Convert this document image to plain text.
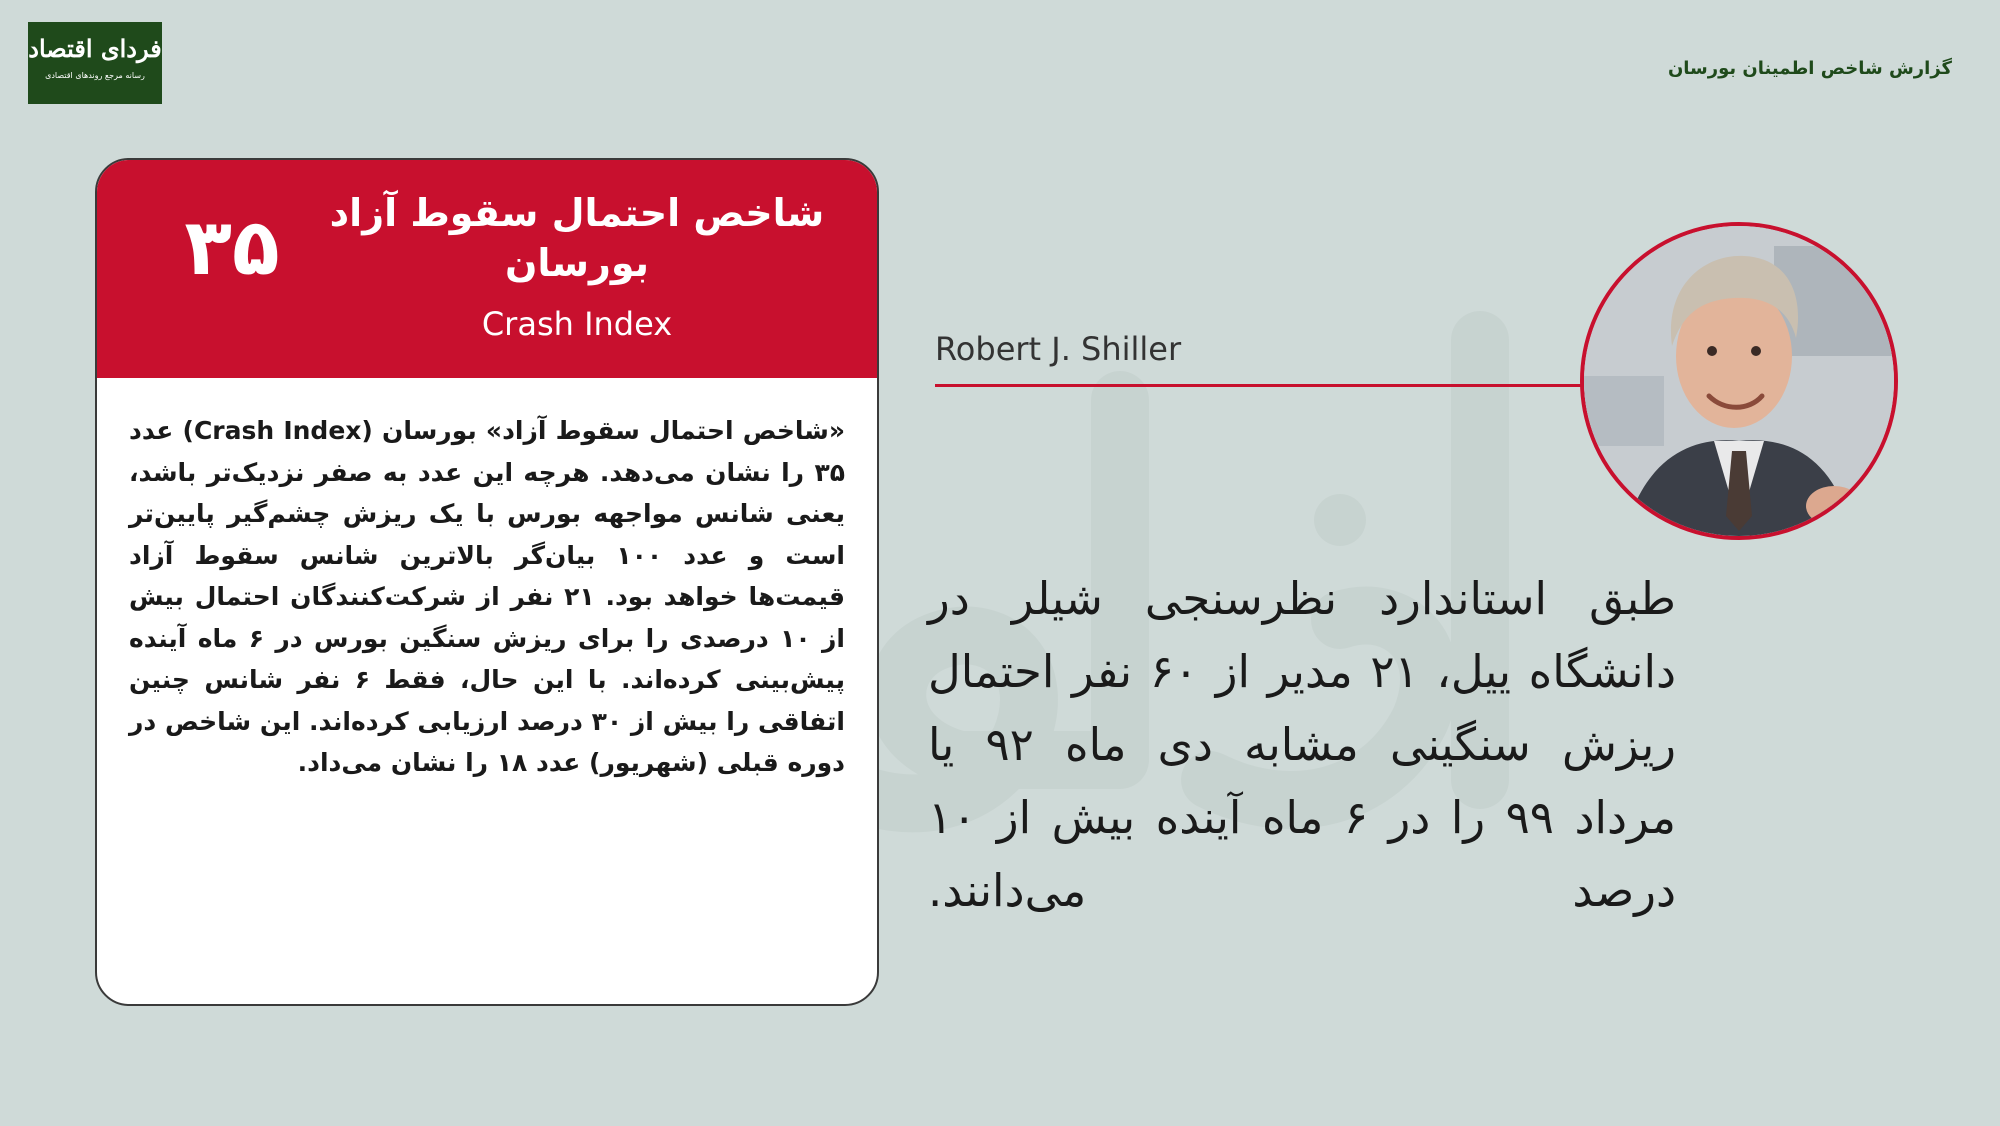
فردای اقتصاد
رسانه مرجع روندهای اقتصادی	گزارش شاخص اطمینان بورسان
۳۵	شاخص احتمال سقوط آزاد بورسان
Crash Index
«شاخص احتمال سقوط آزاد» بورسان (Crash Index) عدد ۳۵ را نشان می‌دهد. هرچه این عدد به صفر نزدیک‌تر باشد، یعنی شانس مواجهه بورس با یک ریزش چشم‌گیر پایین‌تر است و عدد ۱۰۰ بیان‌گر بالاترین شانس سقوط آزاد قیمت‌ها خواهد بود. ۲۱ نفر از شرکت‌کنندگان احتمال بیش از ۱۰ درصدی را برای ریزش سنگین بورس در ۶ ماه آینده پیش‌بینی کرده‌اند. با این حال، فقط ۶ نفر شانس چنین اتفاقی را بیش از ۳۰ درصد ارزیابی کرده‌اند. این شاخص در دوره قبلی (شهریور) عدد ۱۸ را نشان می‌داد.
Robert J. Shiller
طبق استاندارد نظرسنجی شیلر در دانشگاه ییل، ۲۱ مدیر از ۶۰ نفر احتمال ریزش سنگینی مشابه دی ماه ۹۲ یا مرداد ۹۹ را در ۶ ماه آینده بیش از ۱۰ درصد می‌دانند.
